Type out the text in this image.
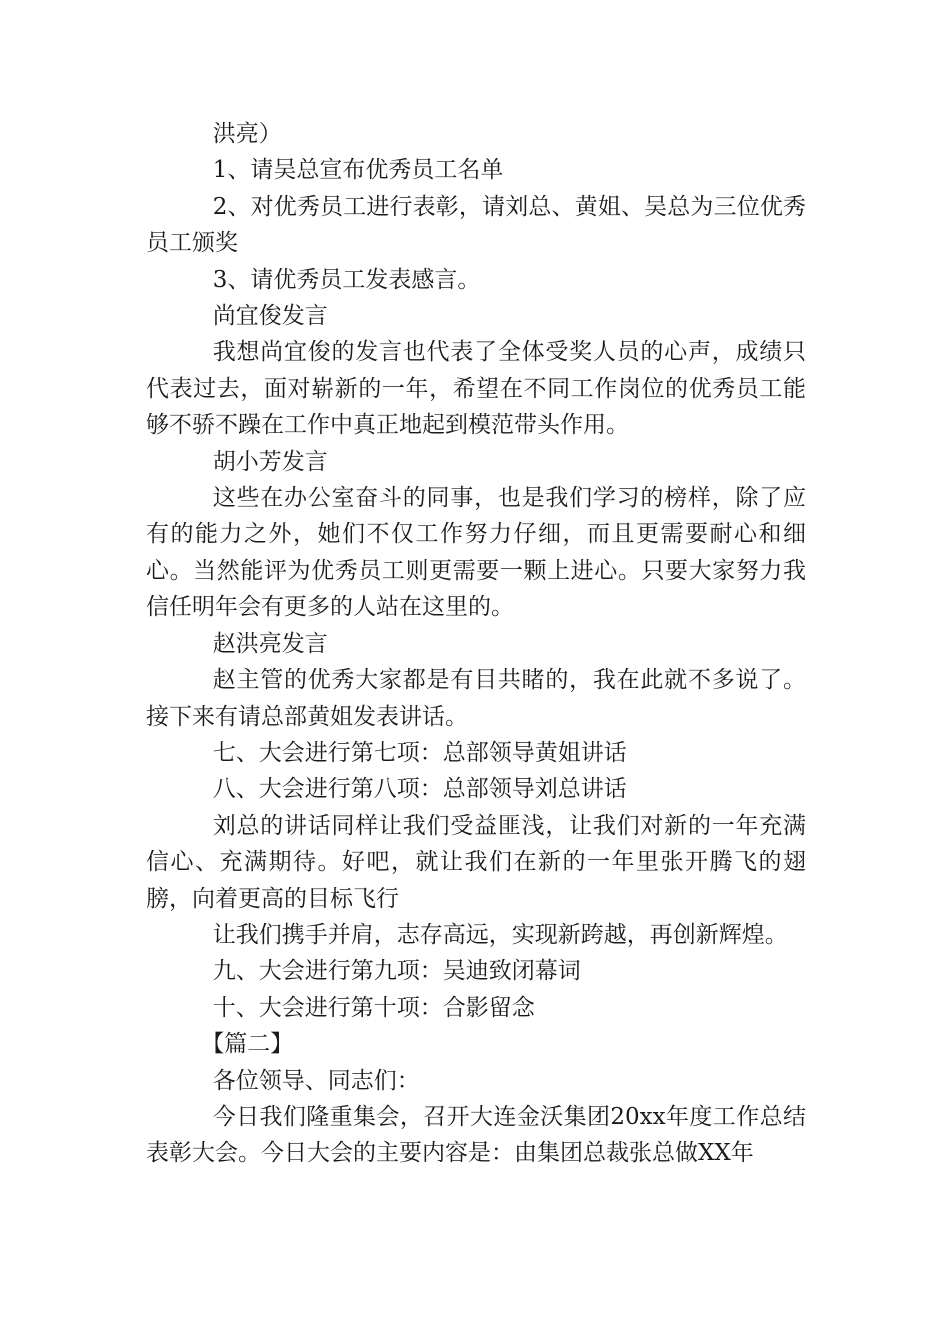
洪亮）

1、请吴总宣布优秀员工名单

2、对优秀员工进行表彰，请刘总、黄姐、吴总为三位优秀员工颁奖

3、请优秀员工发表感言。

尚宜俊发言

我想尚宜俊的发言也代表了全体受奖人员的心声，成绩只代表过去，面对崭新的一年，希望在不同工作岗位的优秀员工能够不骄不躁在工作中真正地起到模范带头作用。

胡小芳发言

这些在办公室奋斗的同事，也是我们学习的榜样，除了应有的能力之外，她们不仅工作努力仔细，而且更需要耐心和细心。当然能评为优秀员工则更需要一颗上进心。只要大家努力我信任明年会有更多的人站在这里的。

赵洪亮发言

赵主管的优秀大家都是有目共睹的，我在此就不多说了。接下来有请总部黄姐发表讲话。

七、大会进行第七项：总部领导黄姐讲话

八、大会进行第八项：总部领导刘总讲话

刘总的讲话同样让我们受益匪浅，让我们对新的一年充满信心、充满期待。好吧，就让我们在新的一年里张开腾飞的翅膀，向着更高的目标飞行

让我们携手并肩，志存高远，实现新跨越，再创新辉煌。

九、大会进行第九项：吴迪致闭幕词

十、大会进行第十项：合影留念

【篇二】

各位领导、同志们：

今日我们隆重集会，召开大连金沃集团20xx年度工作总结表彰大会。今日大会的主要内容是：由集团总裁张总做XX年
